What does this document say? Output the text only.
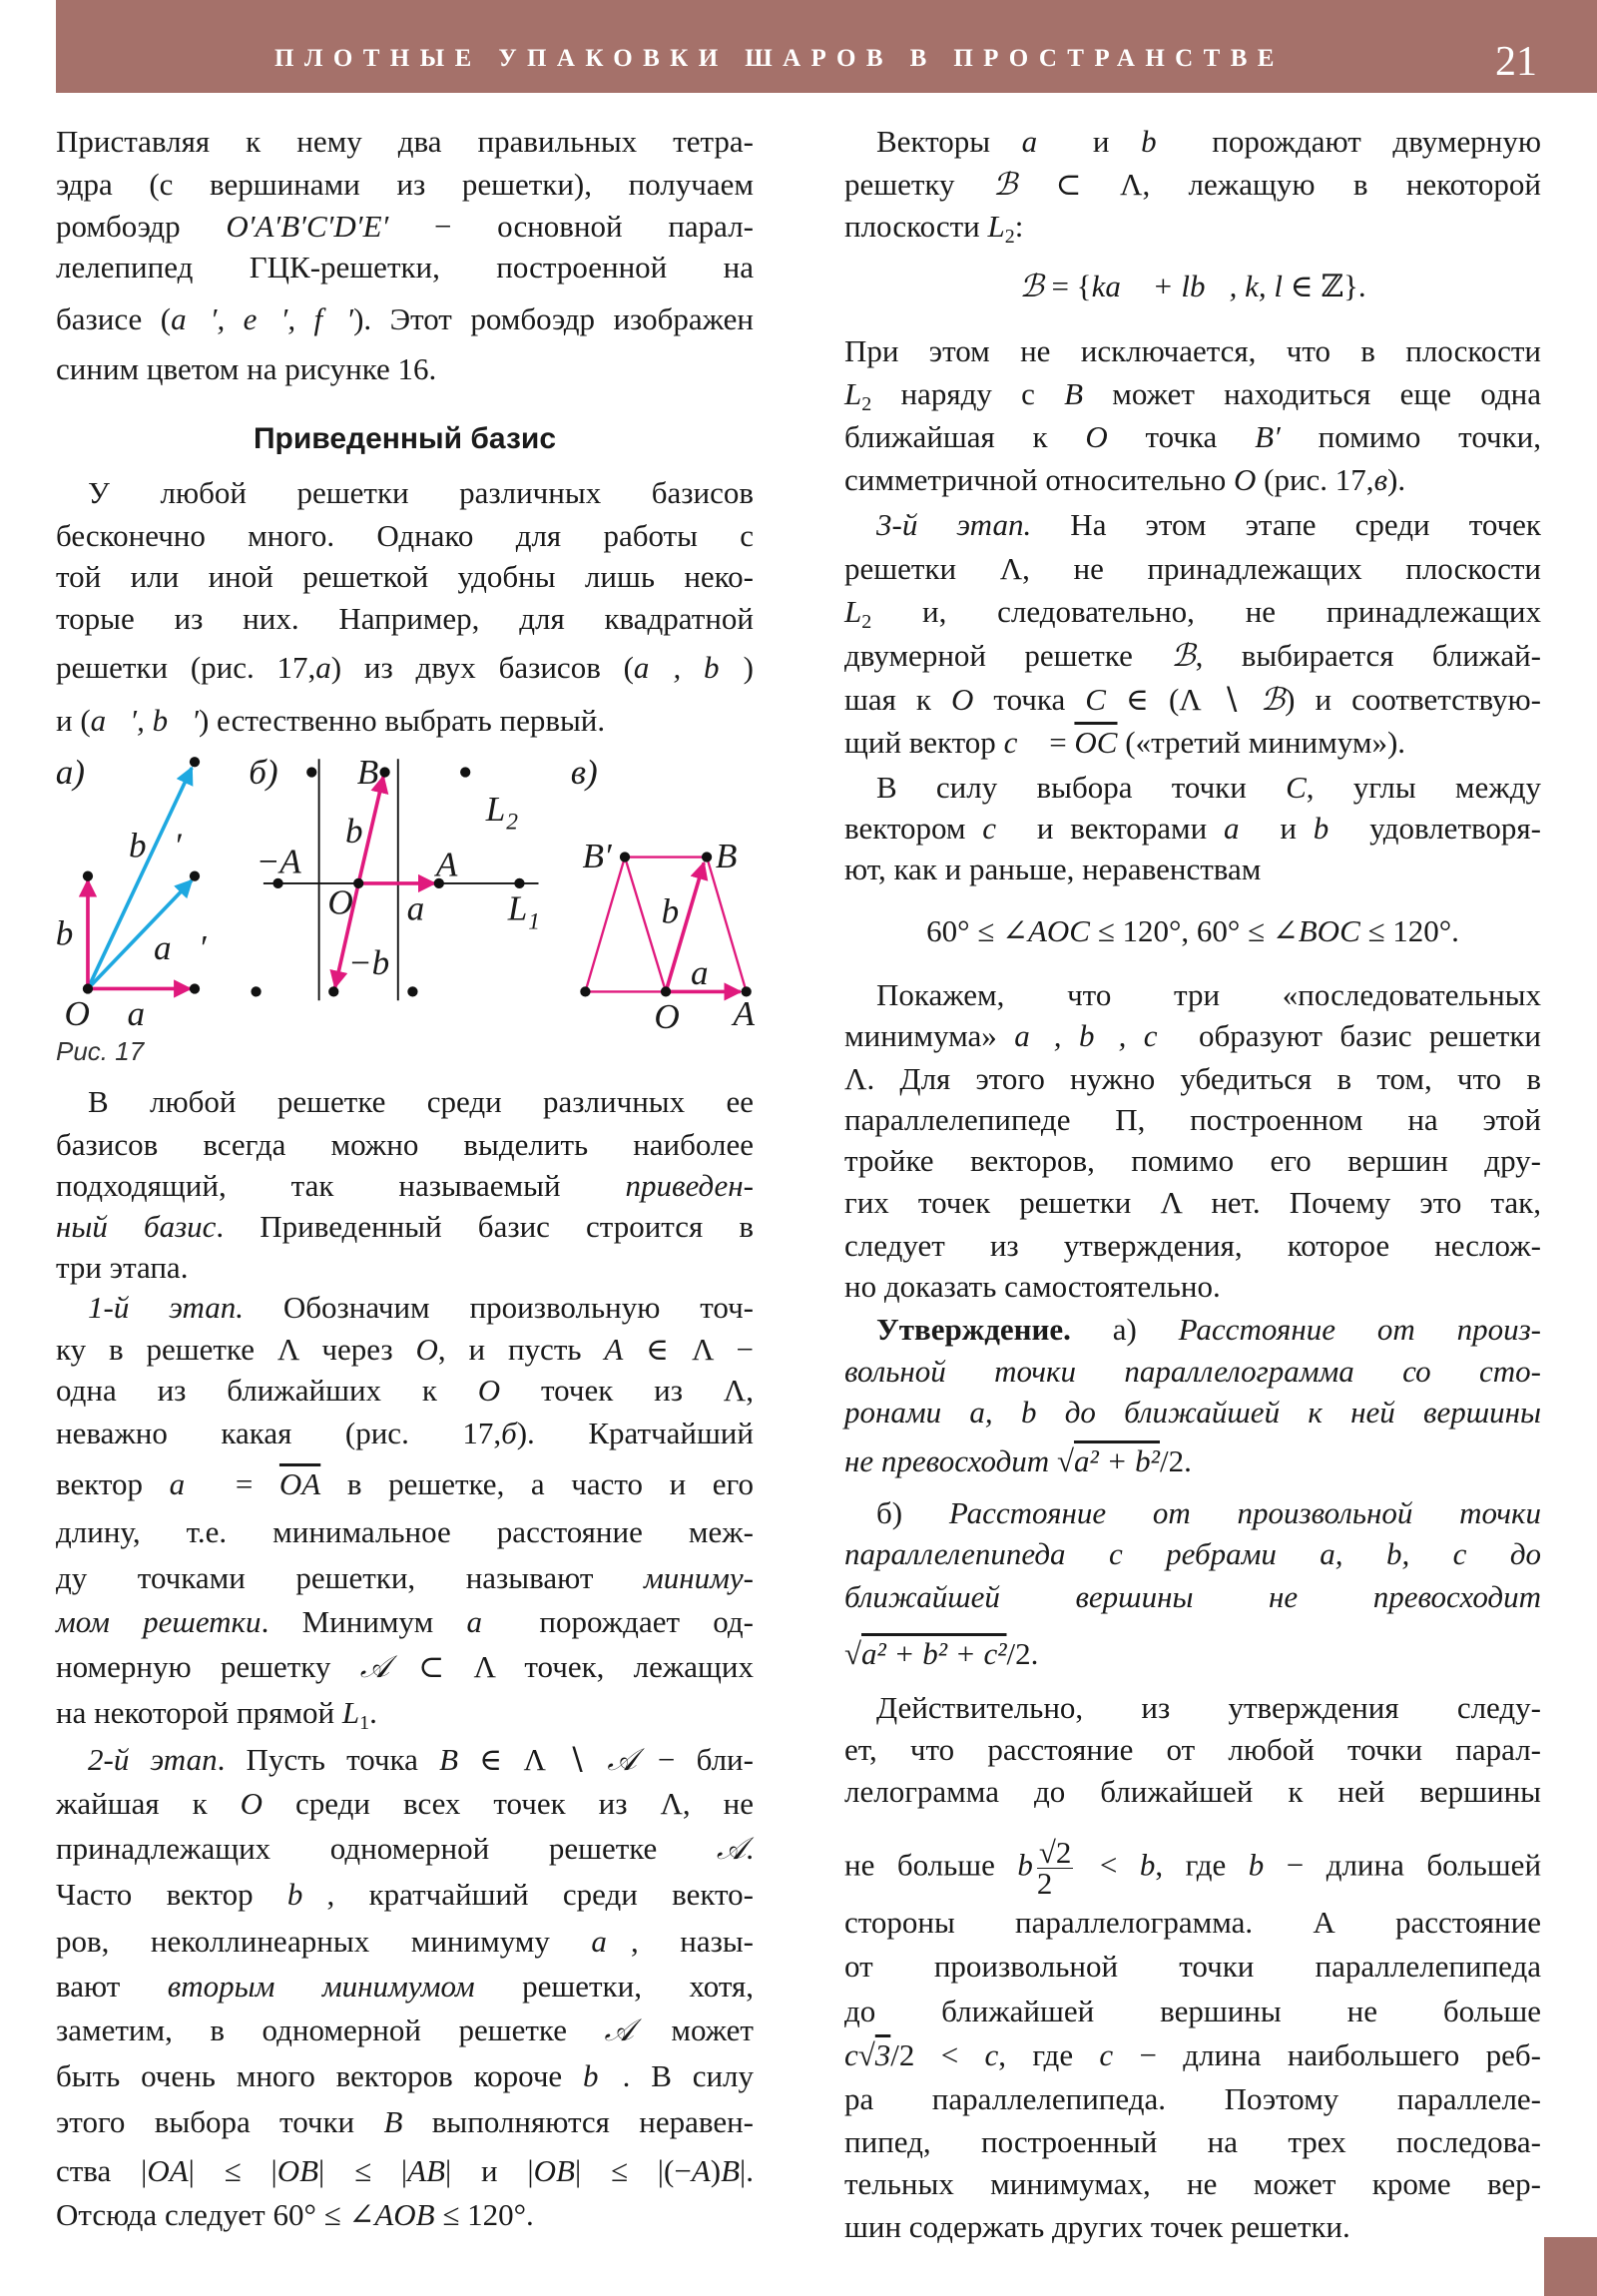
ПЛОТНЫЕ УПАКОВКИ ШАРОВ В ПРОСТРАНСТВЕ	21
Приставляя к нему два правильных тетра-
эдра (с вершинами из решетки), получаем
ромбоэдр O′A′B′C′D′E′ − основной парал-
лелепипед ГЦК-решетки, построенной на
базисе (a⃗′, e⃗′, f⃗′). Этот ромбоэдр изображен
синим цветом на рисунке 16.
Приведенный базис
У любой решетки различных базисов
бесконечно много. Однако для работы с
той или иной решеткой удобны лишь неко-
торые из них. Например, для квадратной
решетки (рис. 17,а) из двух базисов (a⃗, b⃗)
и (a⃗′, b⃗′) естественно выбрать первый.
Рис. 17
В любой решетке среди различных ее
базисов всегда можно выделить наиболее
подходящий, так называемый приведен-
ный базис. Приведенный базис строится в
три этапа.
1-й этап. Обозначим произвольную точ-
ку в решетке Λ через O, и пусть A ∈ Λ −
одна из ближайших к O точек из Λ,
неважно какая (рис. 17,б). Кратчайший
вектор a⃗ = $\overline{OA}$ в решетке, а часто и его
длину, т.е. минимальное расстояние меж-
ду точками решетки, называют миниму-
мом решетки. Минимум a⃗ порождает од-
номерную решетку 𝒜 ⊂ Λ точек, лежащих
на некоторой прямой L1.
2-й этап. Пусть точка B ∈ Λ ∖ 𝒜 − бли-
жайшая к O среди всех точек из Λ, не
принадлежащих одномерной решетке 𝒜.
Часто вектор b⃗, кратчайший среди векто-
ров, неколлинеарных минимуму a⃗, назы-
вают вторым минимумом решетки, хотя,
заметим, в одномерной решетке 𝒜 может
быть очень много векторов короче b⃗. В силу
этого выбора точки B выполняются неравен-
ства |OA| ≤ |OB| ≤ |AB| и |OB| ≤ |(−A)B|.
Отсюда следует 60° ≤ ∠AOB ≤ 120°.
Векторы a⃗ и b⃗ порождают двумерную
решетку ℬ ⊂ Λ, лежащую в некоторой
плоскости L2:
ℬ = {ka⃗ + lb⃗, k, l ∈ ℤ}.
При этом не исключается, что в плоскости
L2 наряду с B может находиться еще одна
ближайшая к O точка B′ помимо точки,
симметричной относительно O (рис. 17,в).
3-й этап. На этом этапе среди точек
решетки Λ, не принадлежащих плоскости
L2 и, следовательно, не принадлежащих
двумерной решетке ℬ, выбирается ближай-
шая к O точка C ∈ (Λ ∖ ℬ) и соответствую-
щий вектор c⃗ = $\overline{OC}$ («третий минимум»).
В силу выбора точки C, углы между
вектором c⃗ и векторами a⃗ и b⃗ удовлетворя-
ют, как и раньше, неравенствам
60° ≤ ∠AOC ≤ 120°, 60° ≤ ∠BOC ≤ 120°.
Покажем, что три «последовательных
минимума» a⃗, b⃗, c⃗ образуют базис решетки
Λ. Для этого нужно убедиться в том, что в
параллелепипеде Π, построенном на этой
тройке векторов, помимо его вершин дру-
гих точек решетки Λ нет. Почему это так,
следует из утверждения, которое неслож-
но доказать самостоятельно.
Утверждение. а) Расстояние от произ-
вольной точки параллелограмма со сто-
ронами a, b до ближайшей к ней вершины
не превосходит √a² + b²/2.
б) Расстояние от произвольной точки
параллелепипеда с ребрами a, b, c до
ближайшей вершины не превосходит
√a² + b² + c²/2.
Действительно, из утверждения следу-
ет, что расстояние от любой точки парал-
лелограмма до ближайшей к ней вершины
не больше b $\frac{√2}{2} < b$, где b − длина большей
стороны параллелограмма. А расстояние
от произвольной точки параллелепипеда
до ближайшей вершины не больше
c√3/2 < c, где c − длина наибольшего реб-
ра параллелепипеда. Поэтому параллеле-
пипед, построенный на трех последова-
тельных минимумах, не может кроме вер-
шин содержать других точек решетки.
а)
O a⃗
b⃗
b⃗′
a⃗′
б)	B
L 2
b⃗
−A	A
O a⃗ L 1
−b⃗
в)
B′	B
b⃗
a⃗
O A
